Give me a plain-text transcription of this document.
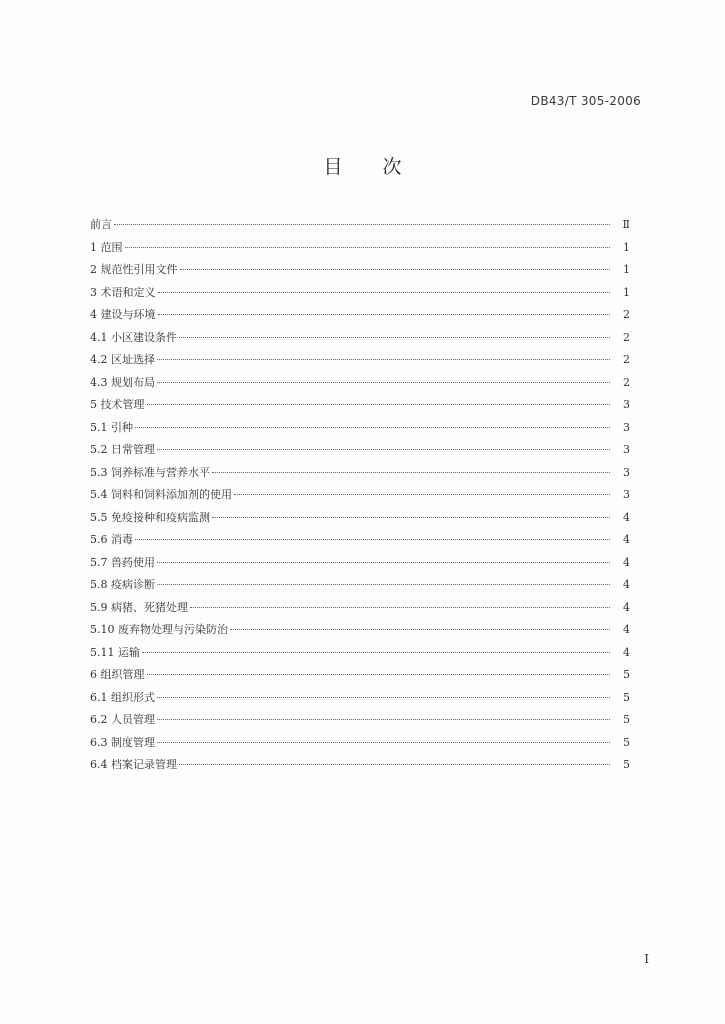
DB43/T 305-2006
目次
前言	Ⅱ
1 范围	1
2 规范性引用文件	1
3 术语和定义	1
4 建设与环境	2
4.1 小区建设条件	2
4.2 区址选择	2
4.3 规划布局	2
5 技术管理	3
5.1 引种	3
5.2 日常管理	3
5.3 饲养标准与营养水平	3
5.4 饲料和饲料添加剂的使用	3
5.5 免疫接种和疫病监测	4
5.6 消毒	4
5.7 兽药使用	4
5.8 疫病诊断	4
5.9 病猪、死猪处理	4
5.10 废弃物处理与污染防治	4
5.11 运输	4
6 组织管理	5
6.1 组织形式	5
6.2 人员管理	5
6.3 制度管理	5
6.4 档案记录管理	5
I
